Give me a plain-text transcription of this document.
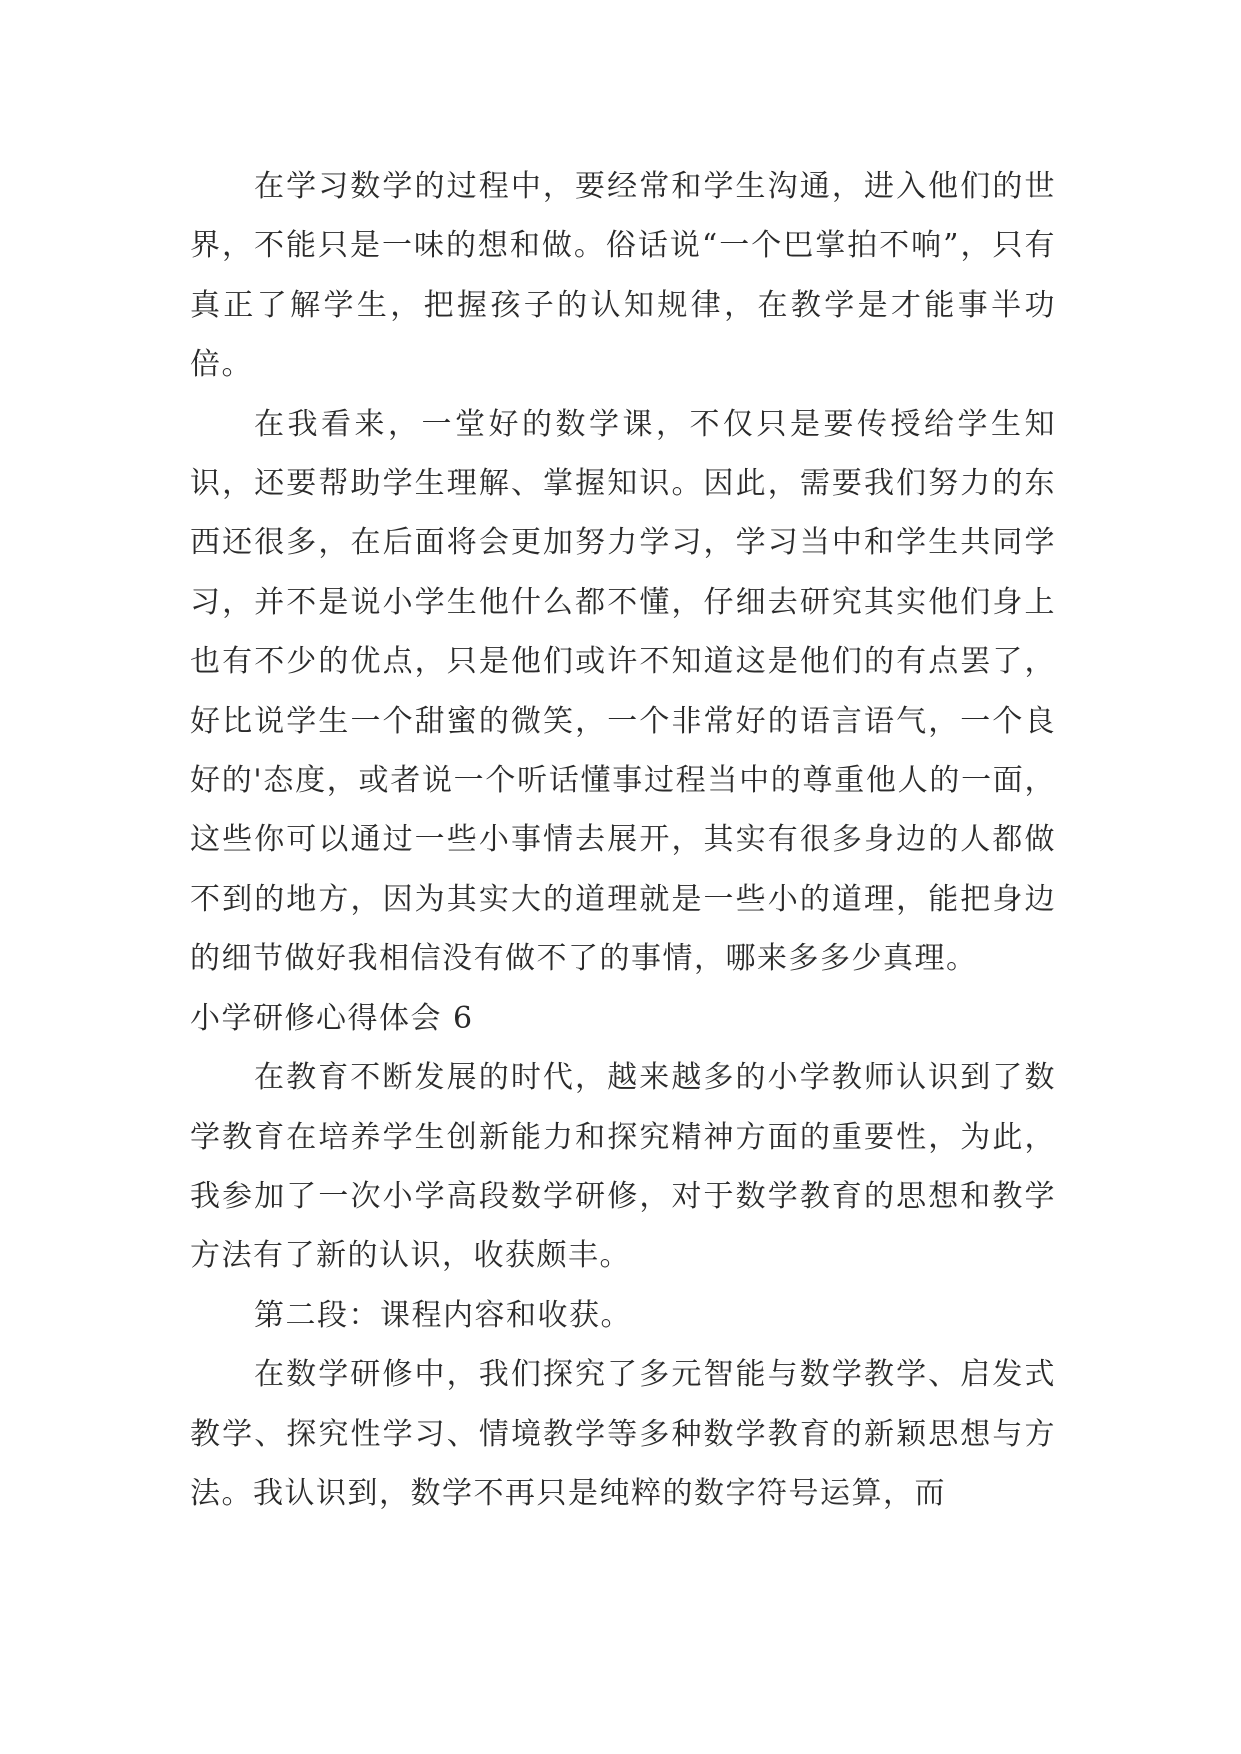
在学习数学的过程中，要经常和学生沟通，进入他们的世界，不能只是一味的想和做。俗话说“一个巴掌拍不响”，只有真正了解学生，把握孩子的认知规律，在教学是才能事半功倍。

在我看来，一堂好的数学课，不仅只是要传授给学生知识，还要帮助学生理解、掌握知识。因此，需要我们努力的东西还很多，在后面将会更加努力学习，学习当中和学生共同学习，并不是说小学生他什么都不懂，仔细去研究其实他们身上也有不少的优点，只是他们或许不知道这是他们的有点罢了，好比说学生一个甜蜜的微笑，一个非常好的语言语气，一个良好的'态度，或者说一个听话懂事过程当中的尊重他人的一面，这些你可以通过一些小事情去展开，其实有很多身边的人都做不到的地方，因为其实大的道理就是一些小的道理，能把身边的细节做好我相信没有做不了的事情，哪来多多少真理。

小学研修心得体会 6

在教育不断发展的时代，越来越多的小学教师认识到了数学教育在培养学生创新能力和探究精神方面的重要性，为此，我参加了一次小学高段数学研修，对于数学教育的思想和教学方法有了新的认识，收获颇丰。

第二段：课程内容和收获。

在数学研修中，我们探究了多元智能与数学教学、启发式教学、探究性学习、情境教学等多种数学教育的新颖思想与方法。我认识到，数学不再只是纯粹的数字符号运算，而
